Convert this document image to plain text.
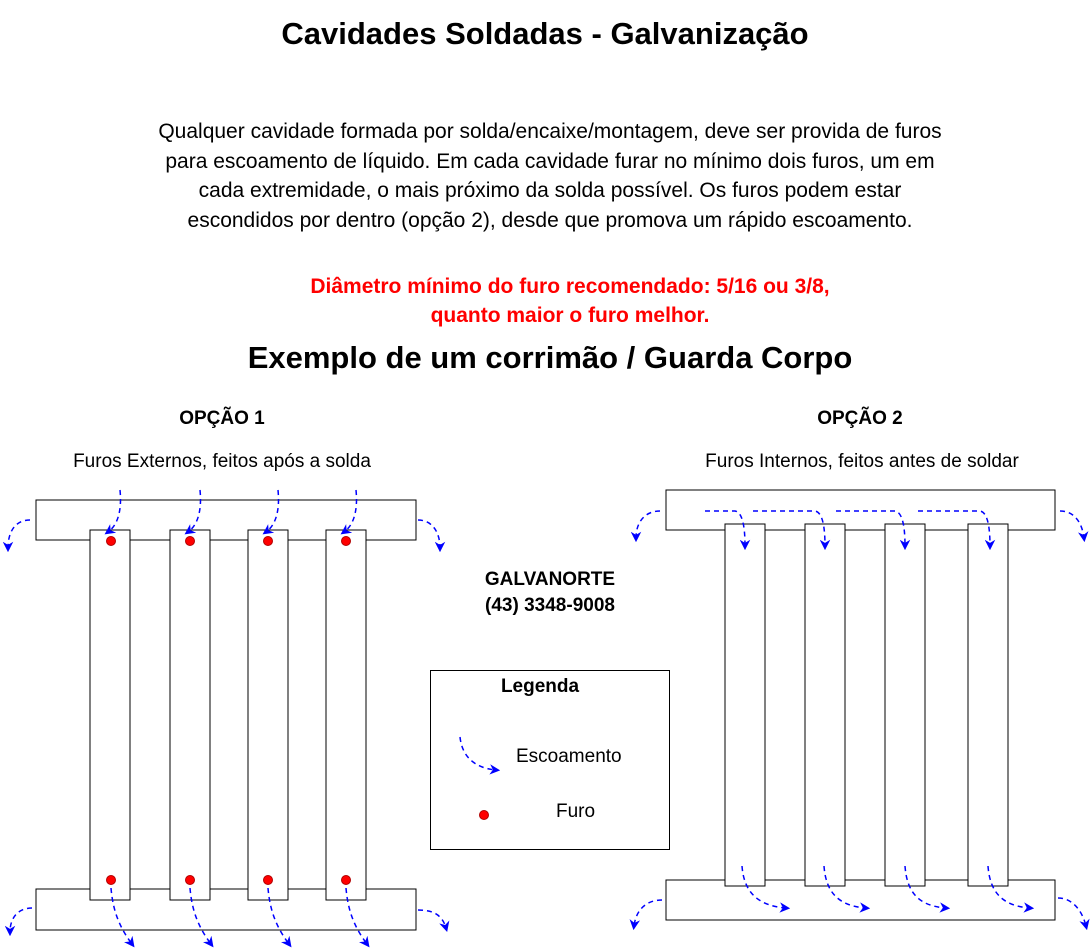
Cavidades Soldadas - Galvanização
Qualquer cavidade formada por solda/encaixe/montagem, deve ser provida de furos
para escoamento de líquido. Em cada cavidade furar no mínimo dois furos, um em
cada extremidade, o mais próximo da solda possível. Os furos podem estar
escondidos por dentro (opção 2), desde que promova um rápido escoamento.
Diâmetro mínimo do furo recomendado: 5/16 ou 3/8,
quanto maior o furo melhor.
Exemplo de um corrimão / Guarda Corpo
OPÇÃO 1
Furos Externos, feitos após a solda
OPÇÃO 2
Furos Internos, feitos antes de soldar
GALVANORTE
(43) 3348-9008
Legenda
Escoamento
Furo
